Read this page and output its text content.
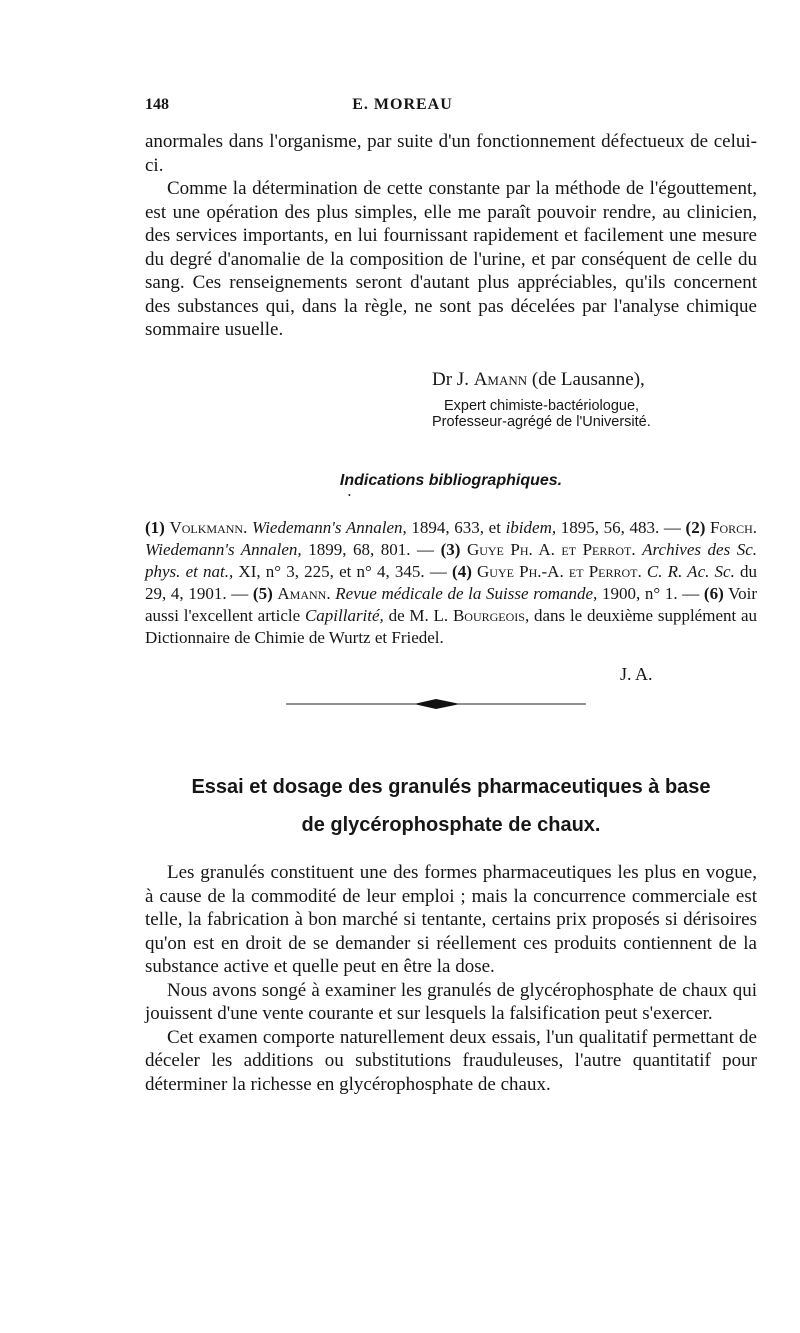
148	E. MOREAU

anormales dans l'organisme, par suite d'un fonctionnement défectueux de celui-ci.

Comme la détermination de cette constante par la méthode de l'égouttement, est une opération des plus simples, elle me paraît pouvoir rendre, au clinicien, des services importants, en lui fournissant rapidement et facilement une mesure du degré d'anomalie de la composition de l'urine, et par conséquent de celle du sang. Ces renseignements seront d'autant plus appréciables, qu'ils concernent des substances qui, dans la règle, ne sont pas décelées par l'analyse chimique sommaire usuelle.

Dr J. Amann (de Lausanne),
Expert chimiste-bactériologue,
Professeur-agrégé de l'Université.
Indications bibliographiques.
•

(1) Volkmann. Wiedemann's Annalen, 1894, 633, et ibidem, 1895, 56, 483. — (2) Forch. Wiedemann's Annalen, 1899, 68, 801. — (3) Guye Ph. A. et Perrot. Archives des Sc. phys. et nat., XI, n° 3, 225, et n° 4, 345. — (4) Guye Ph.-A. et Perrot. C. R. Ac. Sc. du 29, 4, 1901. — (5) Amann. Revue médicale de la Suisse romande, 1900, n° 1. — (6) Voir aussi l'excellent article Capillarité, de M. L. Bourgeois, dans le deuxième supplément au Dictionnaire de Chimie de Wurtz et Friedel.

J. A.
Essai et dosage des granulés pharmaceutiques à base
de glycérophosphate de chaux.

Les granulés constituent une des formes pharmaceutiques les plus en vogue, à cause de la commodité de leur emploi ; mais la concurrence commerciale est telle, la fabrication à bon marché si tentante, certains prix proposés si dérisoires qu'on est en droit de se demander si réellement ces produits contiennent de la substance active et quelle peut en être la dose.

Nous avons songé à examiner les granulés de glycérophosphate de chaux qui jouissent d'une vente courante et sur lesquels la falsification peut s'exercer.

Cet examen comporte naturellement deux essais, l'un qualitatif permettant de déceler les additions ou substitutions frauduleuses, l'autre quantitatif pour déterminer la richesse en glycérophosphate de chaux.
